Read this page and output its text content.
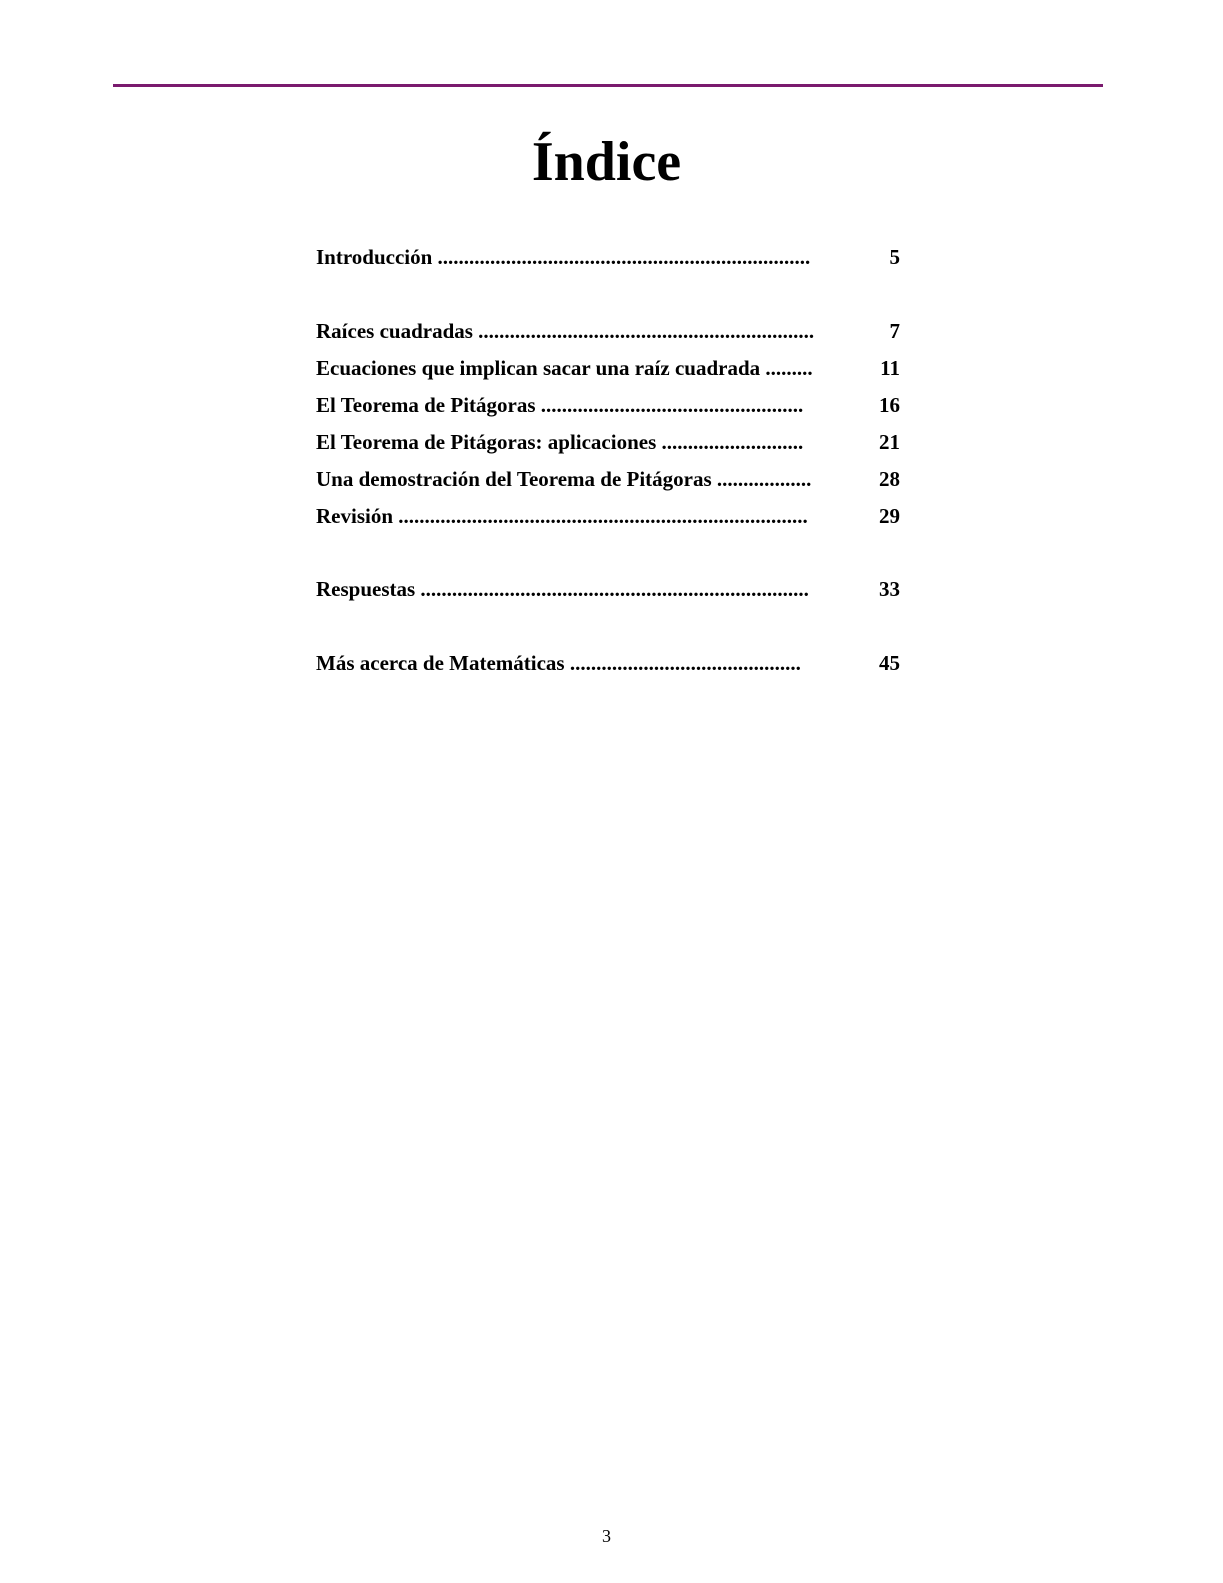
Índice
Introducción .......................................................................	5
Raíces cuadradas ................................................................	7
Ecuaciones que implican sacar una raíz cuadrada .........	11
El Teorema de Pitágoras ..................................................	16
El Teorema de Pitágoras: aplicaciones ...........................	21
Una demostración del Teorema de Pitágoras ..................	28
Revisión ..............................................................................	29
Respuestas ..........................................................................	33
Más acerca de Matemáticas ............................................	45
3
